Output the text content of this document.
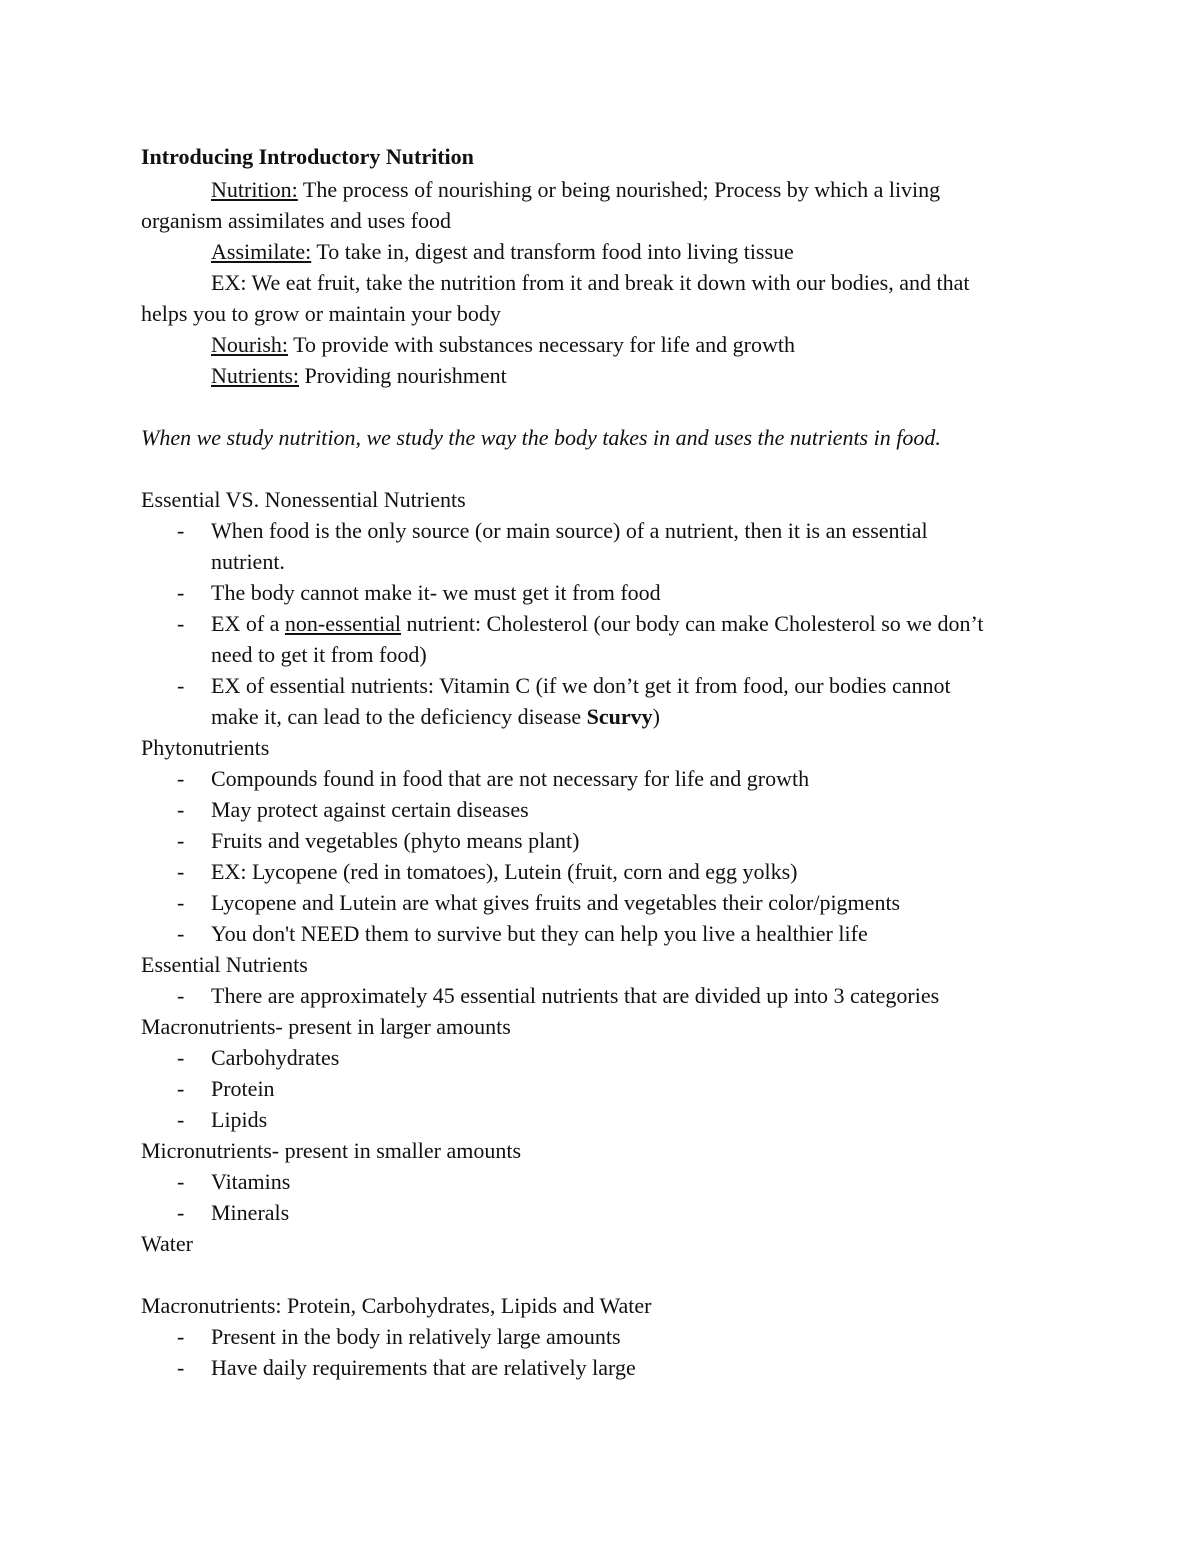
Introducing Introductory Nutrition
Nutrition: The process of nourishing or being nourished; Process by which a living
organism assimilates and uses food
Assimilate: To take in, digest and transform food into living tissue
EX: We eat fruit, take the nutrition from it and break it down with our bodies, and that
helps you to grow or maintain your body
Nourish: To provide with substances necessary for life and growth
Nutrients: Providing nourishment
When we study nutrition, we study the way the body takes in and uses the nutrients in food.
Essential VS. Nonessential Nutrients
- When food is the only source (or main source) of a nutrient, then it is an essential
nutrient.
- The body cannot make it- we must get it from food
- EX of a non-essential nutrient: Cholesterol (our body can make Cholesterol so we don’t
need to get it from food)
- EX of essential nutrients: Vitamin C (if we don’t get it from food, our bodies cannot
make it, can lead to the deficiency disease Scurvy)
Phytonutrients
- Compounds found in food that are not necessary for life and growth
- May protect against certain diseases
- Fruits and vegetables (phyto means plant)
- EX: Lycopene (red in tomatoes), Lutein (fruit, corn and egg yolks)
- Lycopene and Lutein are what gives fruits and vegetables their color/pigments
- You don't NEED them to survive but they can help you live a healthier life
Essential Nutrients
- There are approximately 45 essential nutrients that are divided up into 3 categories
Macronutrients- present in larger amounts
- Carbohydrates
- Protein
- Lipids
Micronutrients- present in smaller amounts
- Vitamins
- Minerals
Water
Macronutrients: Protein, Carbohydrates, Lipids and Water
- Present in the body in relatively large amounts
- Have daily requirements that are relatively large
